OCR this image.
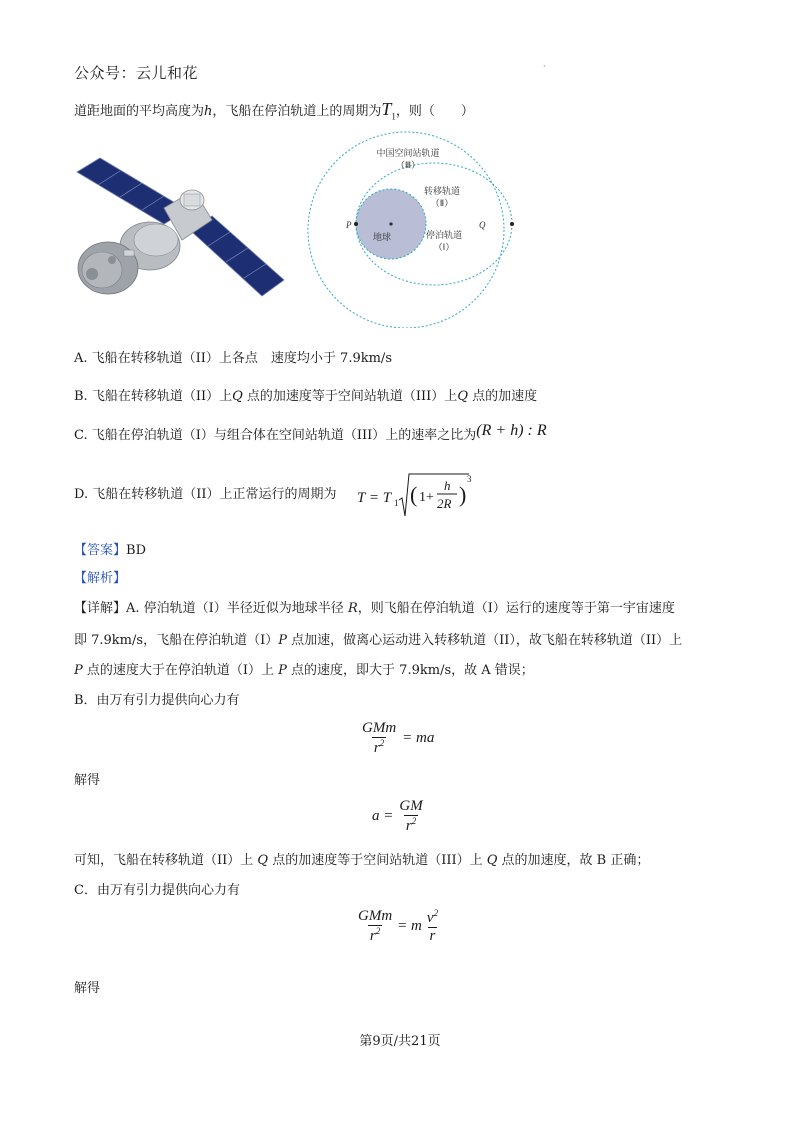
公众号：云儿和花	·
道距地面的平均高度为h，飞船在停泊轨道上的周期为$T_1$，则（　　）
P	Q
中国空间站轨道
（Ⅲ）
转移轨道
（Ⅱ）
停泊轨道
（Ⅰ）
地球
A. 飞船在转移轨道（II）上各点　速度均小于 7.9km/s
B. 飞船在转移轨道（II）上Q 点的加速度等于空间站轨道（III）上Q 点的加速度
C. 飞船在停泊轨道（I）与组合体在空间站轨道（III）上的速率之比为(R + h) : R
D. 飞船在转移轨道（II）上正常运行的周期为 T = T 1 ( 1+
h
2R )
3
【答案】BD
【解析】
【详解】A. 停泊轨道（I）半径近似为地球半径 R，则飞船在停泊轨道（I）运行的速度等于第一宇宙速度
即 7.9km/s，飞船在停泊轨道（I）P 点加速，做离心运动进入转移轨道（II），故飞船在转移轨道（II）上
P 点的速度大于在停泊轨道（I）上 P 点的速度，即大于 7.9km/s，故 A 错误；
B．由万有引力提供向心力有
$\frac{\text{GMm}}{r^2}$ = ma
解得
$a = \frac{GM}{r^2}$
可知，飞船在转移轨道（II）上 Q 点的加速度等于空间站轨道（III）上 Q 点的加速度，故 B 正确；
C．由万有引力提供向心力有
$\frac{\text{GMm}}{r^2} = m \frac{v^2}{r}$
解得
第9页/共21页
